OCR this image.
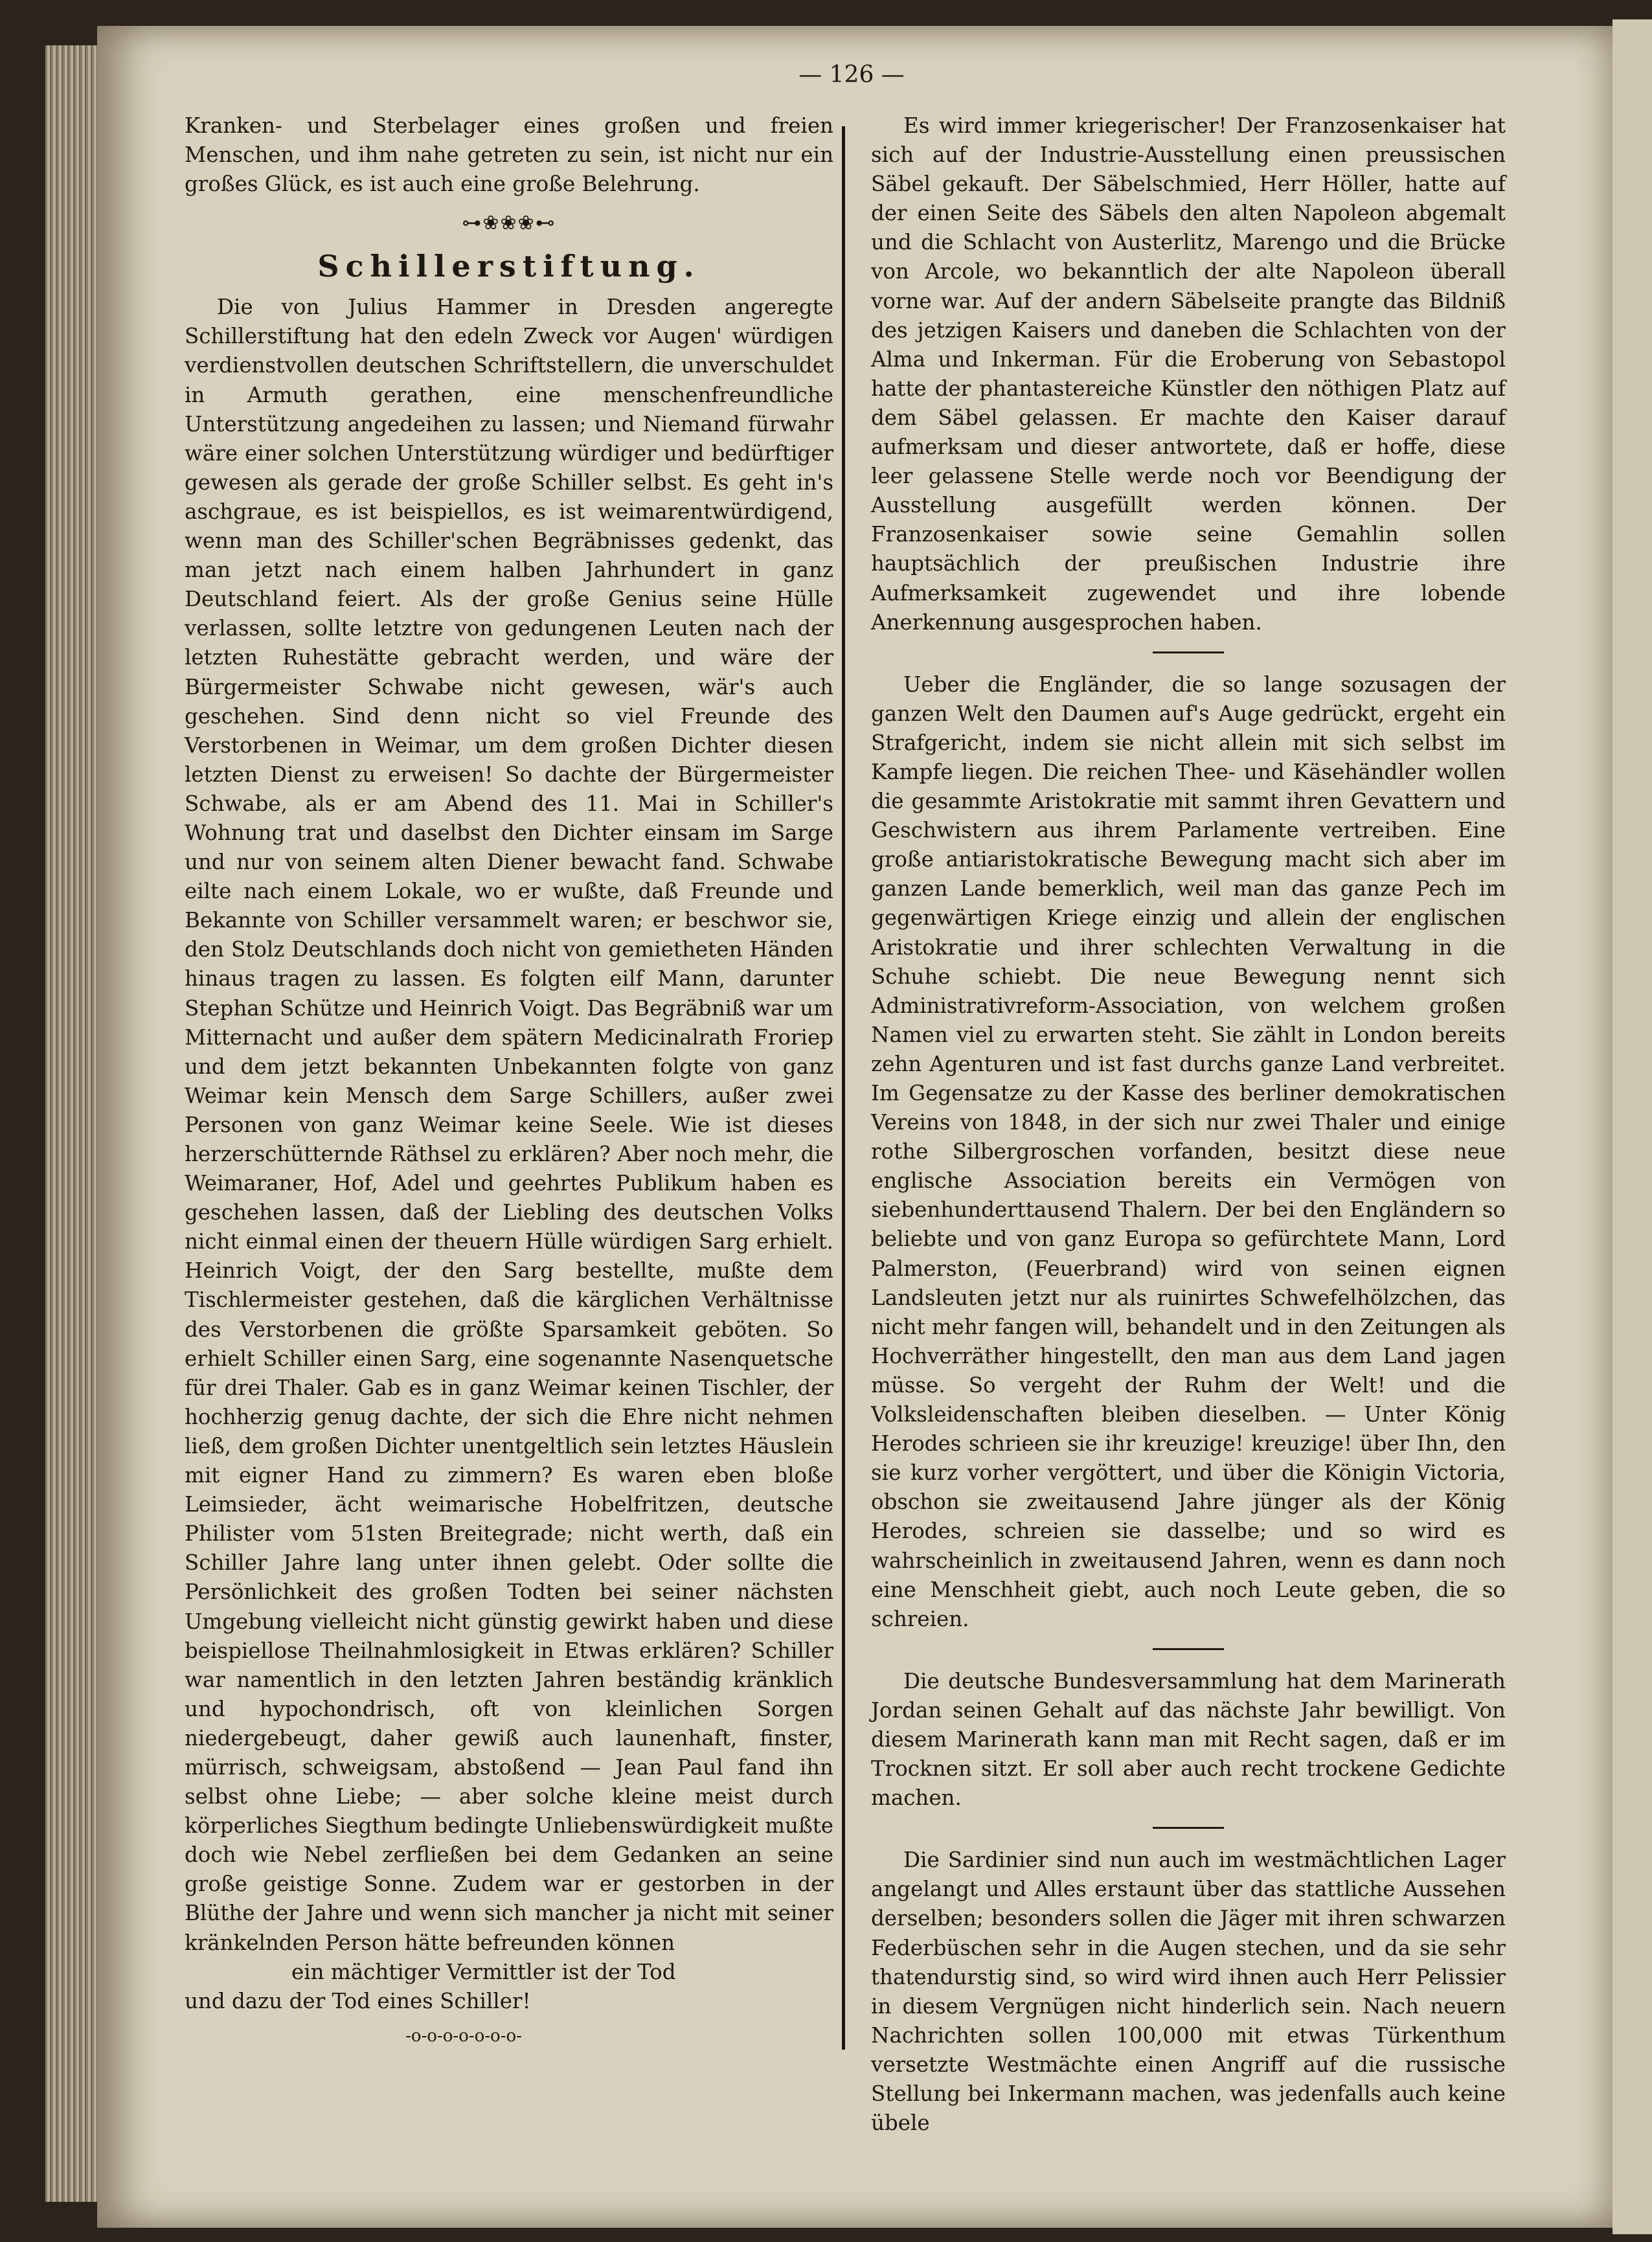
— 126 —

Kranken- und Sterbelager eines großen und freien Menschen, und ihm nahe getreten zu sein, ist nicht nur ein großes Glück, es ist auch eine große Belehrung.

⊶❀❀❀⊷
Schillerstiftung.

Die von Julius Hammer in Dresden angeregte Schillerstiftung hat den edeln Zweck vor Augen' würdigen verdienstvollen deutschen Schriftstellern, die unverschuldet in Armuth gerathen, eine menschenfreundliche Unterstützung angedeihen zu lassen; und Niemand fürwahr wäre einer solchen Unterstützung würdiger und bedürftiger gewesen als gerade der große Schiller selbst. Es geht in's aschgraue, es ist beispiellos, es ist weimarentwürdigend, wenn man des Schiller'schen Begräbnisses gedenkt, das man jetzt nach einem halben Jahrhundert in ganz Deutschland feiert. Als der große Genius seine Hülle verlassen, sollte letztre von gedungenen Leuten nach der letzten Ruhestätte gebracht werden, und wäre der Bürgermeister Schwabe nicht gewesen, wär's auch geschehen. Sind denn nicht so viel Freunde des Verstorbenen in Weimar, um dem großen Dichter diesen letzten Dienst zu erweisen! So dachte der Bürgermeister Schwabe, als er am Abend des 11. Mai in Schiller's Wohnung trat und daselbst den Dichter einsam im Sarge und nur von seinem alten Diener bewacht fand. Schwabe eilte nach einem Lokale, wo er wußte, daß Freunde und Bekannte von Schiller versammelt waren; er beschwor sie, den Stolz Deutschlands doch nicht von gemietheten Händen hinaus tragen zu lassen. Es folgten eilf Mann, darunter Stephan Schütze und Heinrich Voigt. Das Begräbniß war um Mitternacht und außer dem spätern Medicinalrath Froriep und dem jetzt bekannten Unbekannten folgte von ganz Weimar kein Mensch dem Sarge Schillers, außer zwei Personen von ganz Weimar keine Seele. Wie ist dieses herzerschütternde Räthsel zu erklären? Aber noch mehr, die Weimaraner, Hof, Adel und geehrtes Publikum haben es geschehen lassen, daß der Liebling des deutschen Volks nicht einmal einen der theuern Hülle würdigen Sarg erhielt. Heinrich Voigt, der den Sarg bestellte, mußte dem Tischlermeister gestehen, daß die kärglichen Verhältnisse des Verstorbenen die größte Sparsamkeit geböten. So erhielt Schiller einen Sarg, eine sogenannte Nasenquetsche für drei Thaler. Gab es in ganz Weimar keinen Tischler, der hochherzig genug dachte, der sich die Ehre nicht nehmen ließ, dem großen Dichter unentgeltlich sein letztes Häuslein mit eigner Hand zu zimmern? Es waren eben bloße Leimsieder, ächt weimarische Hobelfritzen, deutsche Philister vom 51sten Breitegrade; nicht werth, daß ein Schiller Jahre lang unter ihnen gelebt. Oder sollte die Persönlichkeit des großen Todten bei seiner nächsten Umgebung vielleicht nicht günstig gewirkt haben und diese beispiellose Theilnahmlosigkeit in Etwas erklären? Schiller war namentlich in den letzten Jahren beständig kränklich und hypochondrisch, oft von kleinlichen Sorgen niedergebeugt, daher gewiß auch launenhaft, finster, mürrisch, schweigsam, abstoßend — Jean Paul fand ihn selbst ohne Liebe; — aber solche kleine meist durch körperliches Siegthum bedingte Unliebenswürdigkeit mußte doch wie Nebel zerfließen bei dem Gedanken an seine große geistige Sonne. Zudem war er gestorben in der Blüthe der Jahre und wenn sich mancher ja nicht mit seiner kränkelnden Person hätte befreunden können

ein mächtiger Vermittler ist der Tod
und dazu der Tod eines Schiller!
-o-o-o-o-o-o-o-

Es wird immer kriegerischer! Der Franzosenkaiser hat sich auf der Industrie-Ausstellung einen preussischen Säbel gekauft. Der Säbelschmied, Herr Höller, hatte auf der einen Seite des Säbels den alten Napoleon abgemalt und die Schlacht von Austerlitz, Marengo und die Brücke von Arcole, wo bekanntlich der alte Napoleon überall vorne war. Auf der andern Säbelseite prangte das Bildniß des jetzigen Kaisers und daneben die Schlachten von der Alma und Inkerman. Für die Eroberung von Sebastopol hatte der phantastereiche Künstler den nöthigen Platz auf dem Säbel gelassen. Er machte den Kaiser darauf aufmerksam und dieser antwortete, daß er hoffe, diese leer gelassene Stelle werde noch vor Beendigung der Ausstellung ausgefüllt werden können. Der Franzosenkaiser sowie seine Gemahlin sollen hauptsächlich der preußischen Industrie ihre Aufmerksamkeit zugewendet und ihre lobende Anerkennung ausgesprochen haben.

Ueber die Engländer, die so lange sozusagen der ganzen Welt den Daumen auf's Auge gedrückt, ergeht ein Strafgericht, indem sie nicht allein mit sich selbst im Kampfe liegen. Die reichen Thee- und Käsehändler wollen die gesammte Aristokratie mit sammt ihren Gevattern und Geschwistern aus ihrem Parlamente vertreiben. Eine große antiaristokratische Bewegung macht sich aber im ganzen Lande bemerklich, weil man das ganze Pech im gegenwärtigen Kriege einzig und allein der englischen Aristokratie und ihrer schlechten Verwaltung in die Schuhe schiebt. Die neue Bewegung nennt sich Administrativreform-Association, von welchem großen Namen viel zu erwarten steht. Sie zählt in London bereits zehn Agenturen und ist fast durchs ganze Land verbreitet. Im Gegensatze zu der Kasse des berliner demokratischen Vereins von 1848, in der sich nur zwei Thaler und einige rothe Silbergroschen vorfanden, besitzt diese neue englische Association bereits ein Vermögen von siebenhunderttausend Thalern. Der bei den Engländern so beliebte und von ganz Europa so gefürchtete Mann, Lord Palmerston, (Feuerbrand) wird von seinen eignen Landsleuten jetzt nur als ruinirtes Schwefelhölzchen, das nicht mehr fangen will, behandelt und in den Zeitungen als Hochverräther hingestellt, den man aus dem Land jagen müsse. So vergeht der Ruhm der Welt! und die Volksleidenschaften bleiben dieselben. — Unter König Herodes schrieen sie ihr kreuzige! kreuzige! über Ihn, den sie kurz vorher vergöttert, und über die Königin Victoria, obschon sie zweitausend Jahre jünger als der König Herodes, schreien sie dasselbe; und so wird es wahrscheinlich in zweitausend Jahren, wenn es dann noch eine Menschheit giebt, auch noch Leute geben, die so schreien.

Die deutsche Bundesversammlung hat dem Marinerath Jordan seinen Gehalt auf das nächste Jahr bewilligt. Von diesem Marinerath kann man mit Recht sagen, daß er im Trocknen sitzt. Er soll aber auch recht trockene Gedichte machen.

Die Sardinier sind nun auch im westmächtlichen Lager angelangt und Alles erstaunt über das stattliche Aussehen derselben; besonders sollen die Jäger mit ihren schwarzen Federbüschen sehr in die Augen stechen, und da sie sehr thatendurstig sind, so wird wird ihnen auch Herr Pelissier in diesem Vergnügen nicht hinderlich sein. Nach neuern Nachrichten sollen 100,000 mit etwas Türkenthum versetzte Westmächte einen Angriff auf die russische Stellung bei Inkermann machen, was jedenfalls auch keine übele
